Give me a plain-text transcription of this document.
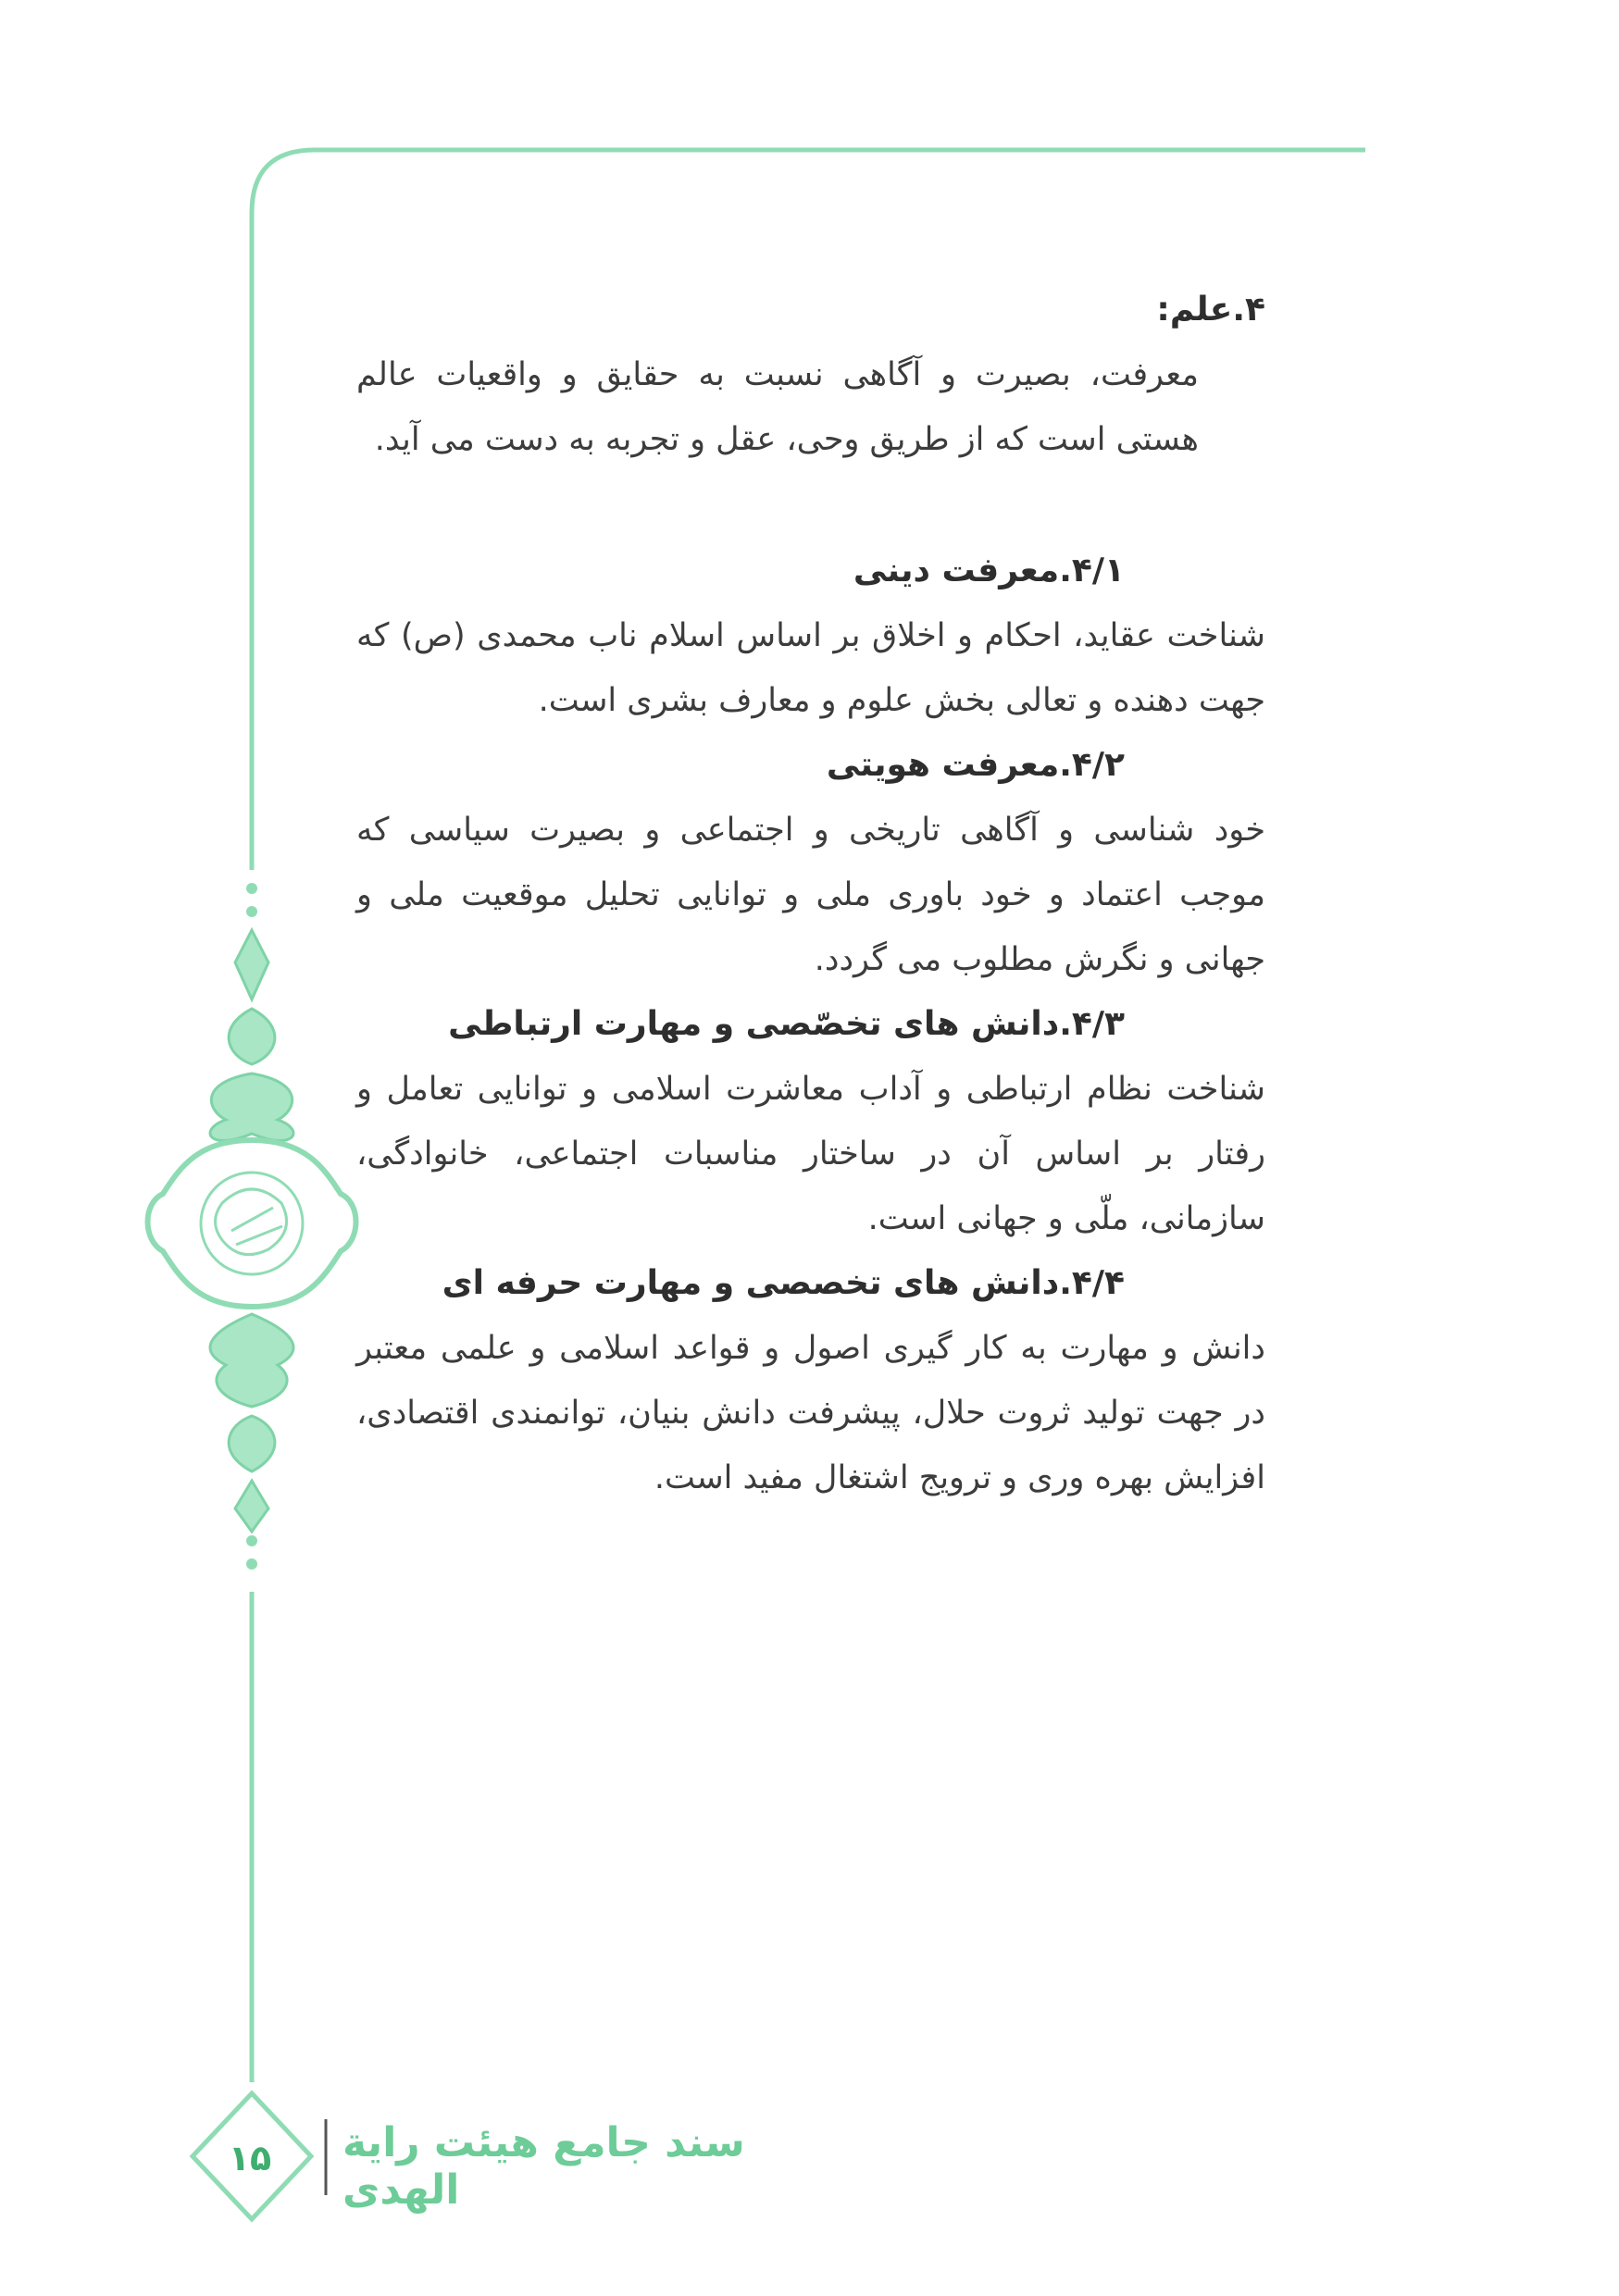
۴.علم:

معرفت، بصیرت و آگاهی نسبت به حقایق و واقعیات عالم هستی است که از طریق وحی، عقل و تجربه به دست می آید.

۴/۱.معرفت دینی

شناخت عقاید، احکام و اخلاق بر اساس اسلام ناب محمدی (ص) که جهت دهنده و تعالی بخش علوم و معارف بشری است.

۴/۲.معرفت هویتی

خود شناسی و آگاهی تاریخی و اجتماعی و بصیرت سیاسی که موجب اعتماد و خود باوری ملی و توانایی تحلیل موقعیت ملی و جهانی و نگرش مطلوب می گردد.

۴/۳.دانش های تخصّصی و مهارت ارتباطی

شناخت نظام ارتباطی و آداب معاشرت اسلامی و توانایی تعامل و رفتار بر اساس آن در ساختار مناسبات اجتماعی، خانوادگی، سازمانی، ملّی و جهانی است.

۴/۴.دانش های تخصصی و مهارت حرفه ای

دانش و مهارت به کار گیری اصول و قواعد اسلامی و علمی معتبر در جهت تولید ثروت حلال، پیشرفت دانش بنیان، توانمندی اقتصادی، افزایش بهره وری و ترویج اشتغال مفید است.

سند جامع هیئت رایة الهدی
۱۵
